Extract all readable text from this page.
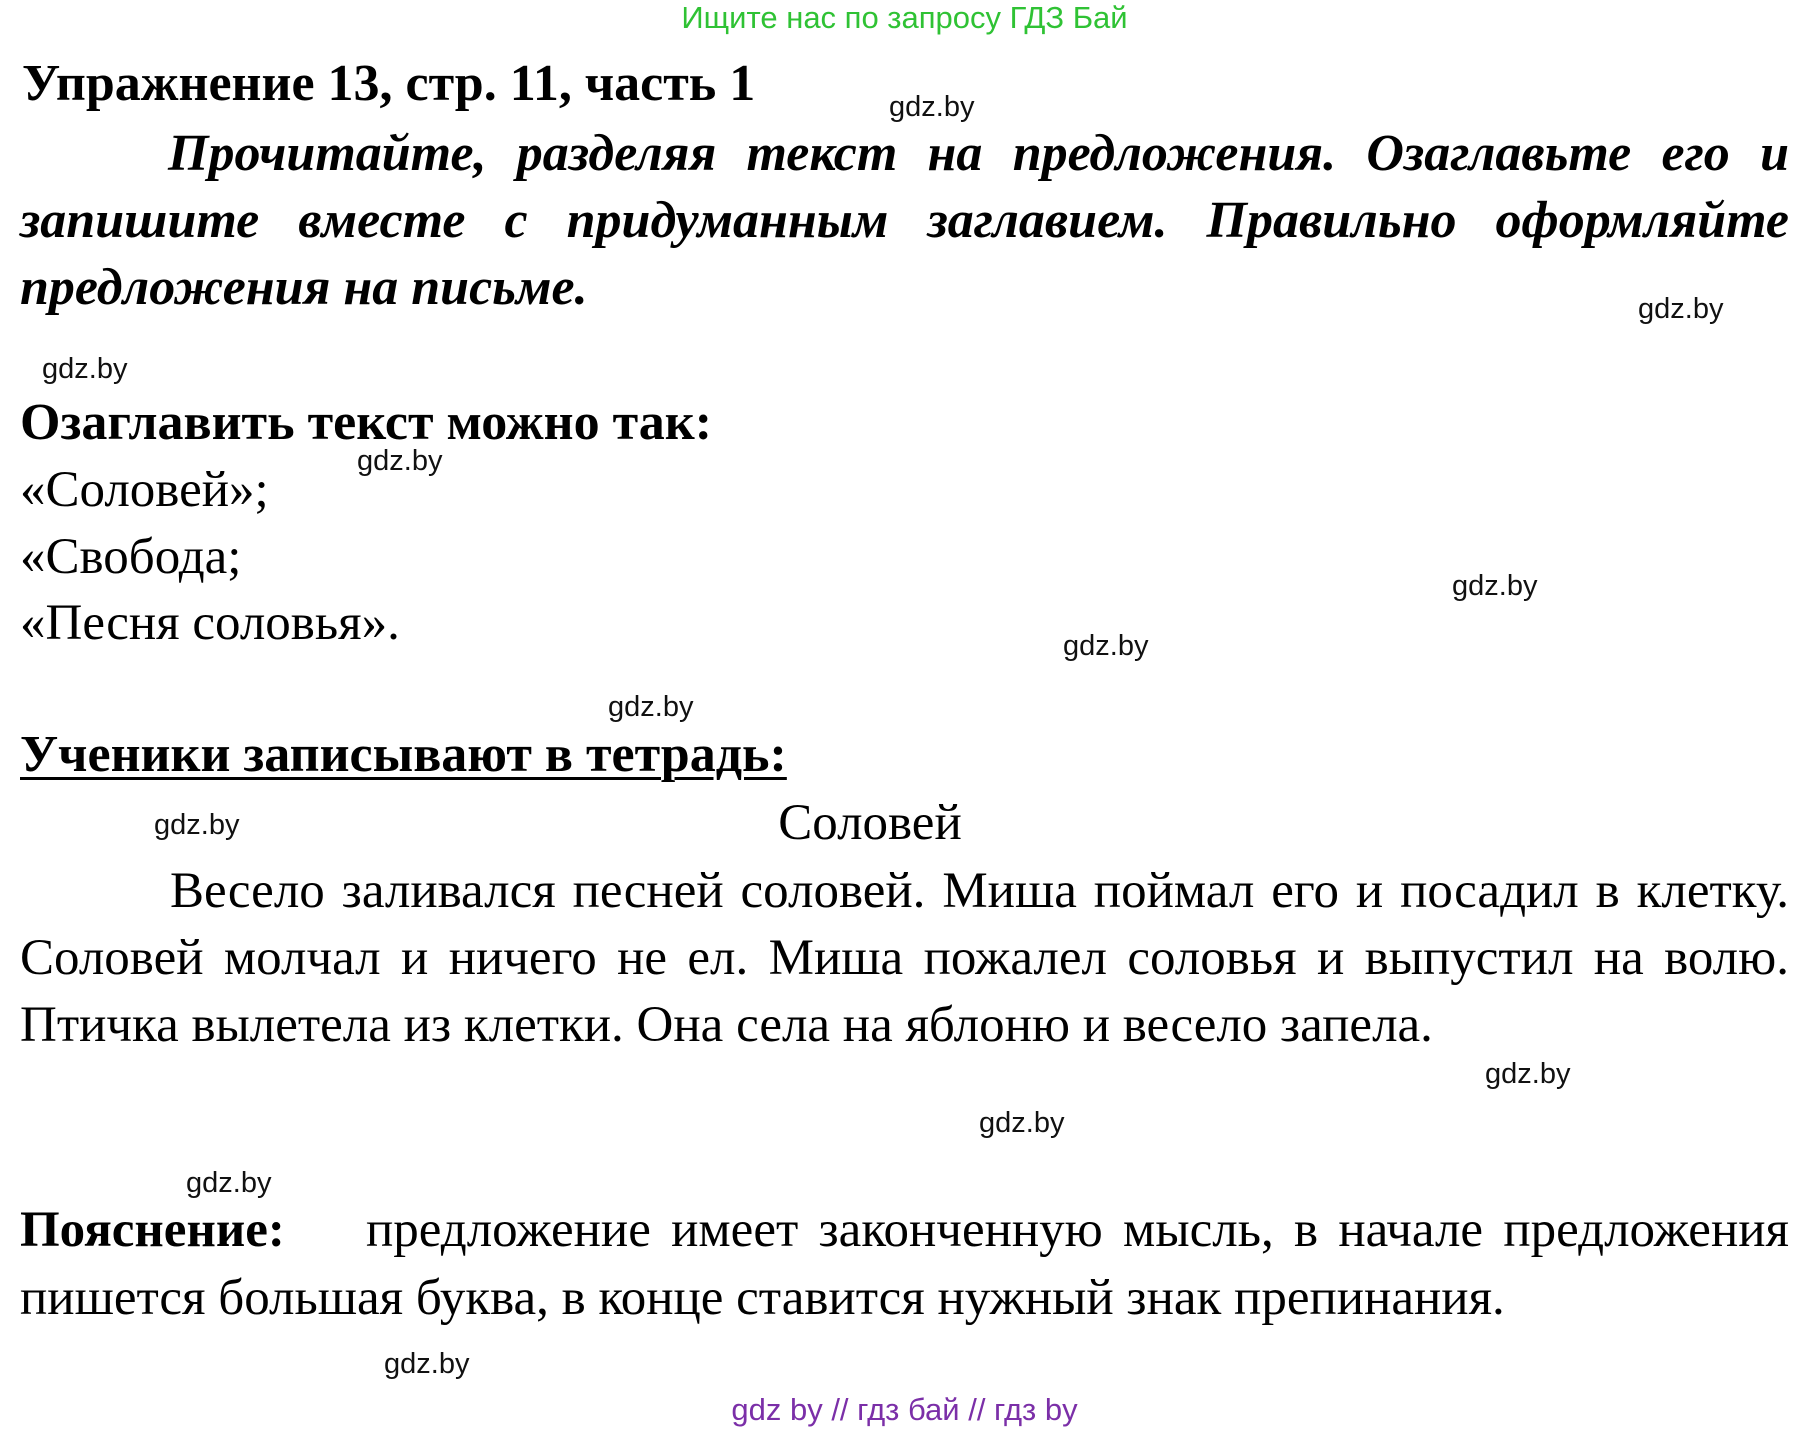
Ищите нас по запросу ГДЗ Бай
Упражнение 13, стр. 11, часть 1
Прочитайте, разделяя текст на предложения. Озаглавьте его и запишите вместе с придуманным заглавием. Правильно оформляйте предложения на письме.
Озаглавить текст можно так:
«Соловей»;
«Свобода;
«Песня соловья».
Ученики записывают в тетрадь:
Соловей
Весело заливался песней соловей. Миша поймал его и посадил в клетку. Соловей молчал и ничего не ел. Миша пожалел соловья и выпустил на волю. Птичка вылетела из клетки. Она села на яблоню и весело запела.
Пояснение: предложение имеет законченную мысль, в начале предложения пишется большая буква, в конце ставится нужный знак препинания.
gdz.by
gdz.by
gdz.by
gdz.by
gdz.by
gdz.by
gdz.by
gdz.by
gdz.by
gdz.by
gdz.by
gdz.by
gdz by // гдз бай // гдз by
